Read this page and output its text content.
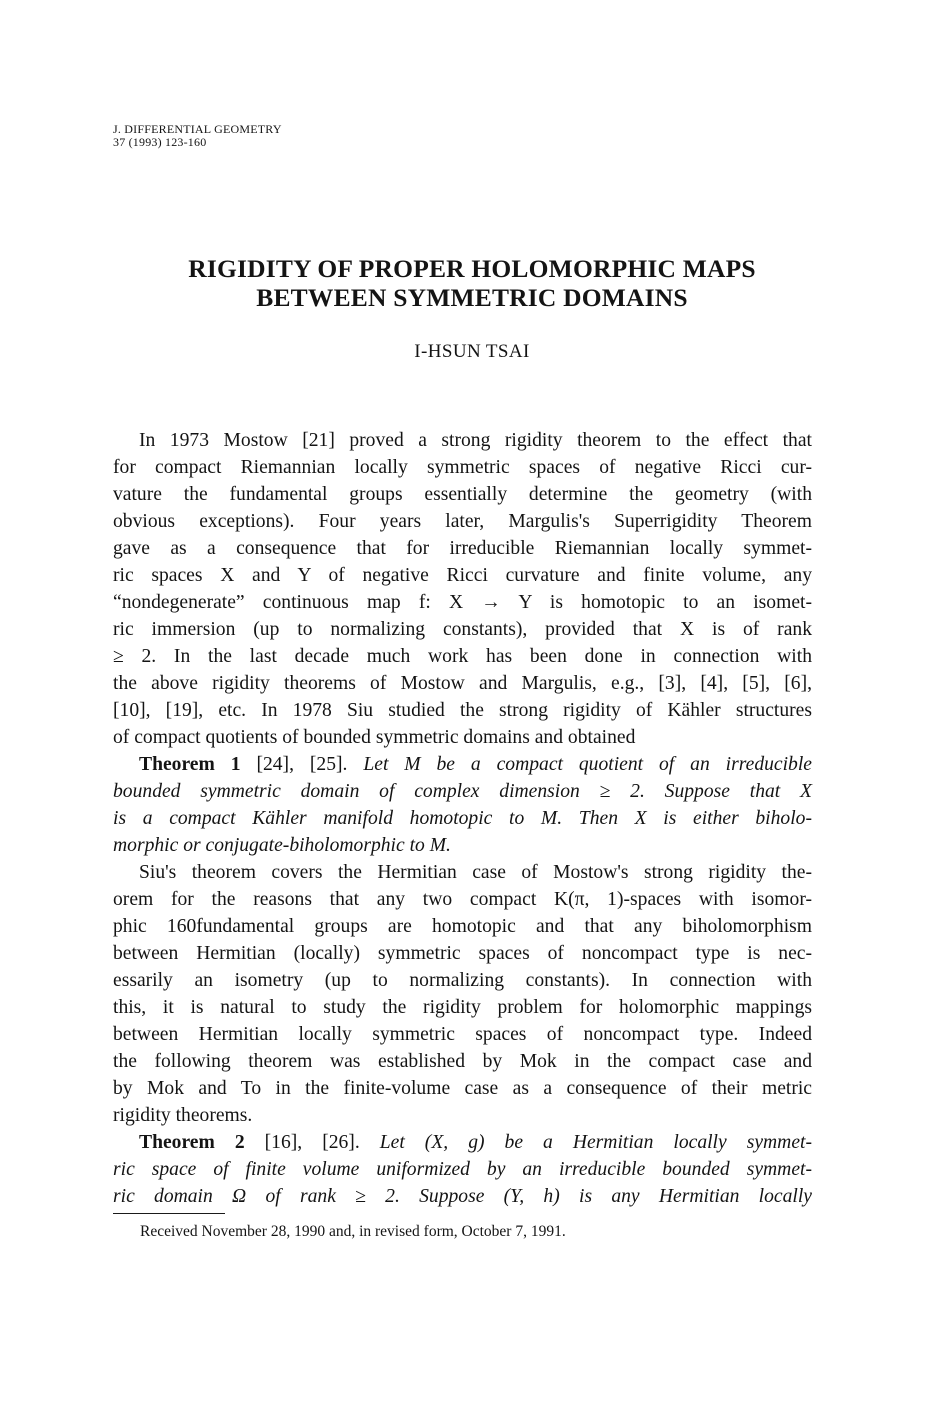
J. DIFFERENTIAL GEOMETRY
37 (1993) 123-160
RIGIDITY OF PROPER HOLOMORPHIC MAPS
BETWEEN SYMMETRIC DOMAINS
I-HSUN TSAI
In 1973 Mostow [21] proved a strong rigidity theorem to the effect that
for compact Riemannian locally symmetric spaces of negative Ricci cur-
vature the fundamental groups essentially determine the geometry (with
obvious exceptions). Four years later, Margulis's Superrigidity Theorem
gave as a consequence that for irreducible Riemannian locally symmet-
ric spaces X and Y of negative Ricci curvature and finite volume, any
“nondegenerate” continuous map f: X → Y is homotopic to an isomet-
ric immersion (up to normalizing constants), provided that X is of rank
≥ 2. In the last decade much work has been done in connection with
the above rigidity theorems of Mostow and Margulis, e.g., [3], [4], [5], [6],
[10], [19], etc. In 1978 Siu studied the strong rigidity of Kähler structures
of compact quotients of bounded symmetric domains and obtained
Theorem 1 [24], [25]. Let M be a compact quotient of an irreducible
bounded symmetric domain of complex dimension ≥ 2. Suppose that X
is a compact Kähler manifold homotopic to M. Then X is either biholo-
morphic or conjugate-biholomorphic to M.
Siu's theorem covers the Hermitian case of Mostow's strong rigidity the-
orem for the reasons that any two compact K(π, 1)-spaces with isomor-
phic 160fundamental groups are homotopic and that any biholomorphism
between Hermitian (locally) symmetric spaces of noncompact type is nec-
essarily an isometry (up to normalizing constants). In connection with
this, it is natural to study the rigidity problem for holomorphic mappings
between Hermitian locally symmetric spaces of noncompact type. Indeed
the following theorem was established by Mok in the compact case and
by Mok and To in the finite-volume case as a consequence of their metric
rigidity theorems.
Theorem 2 [16], [26]. Let (X, g) be a Hermitian locally symmet-
ric space of finite volume uniformized by an irreducible bounded symmet-
ric domain Ω of rank ≥ 2. Suppose (Y, h) is any Hermitian locally
Received November 28, 1990 and, in revised form, October 7, 1991.
